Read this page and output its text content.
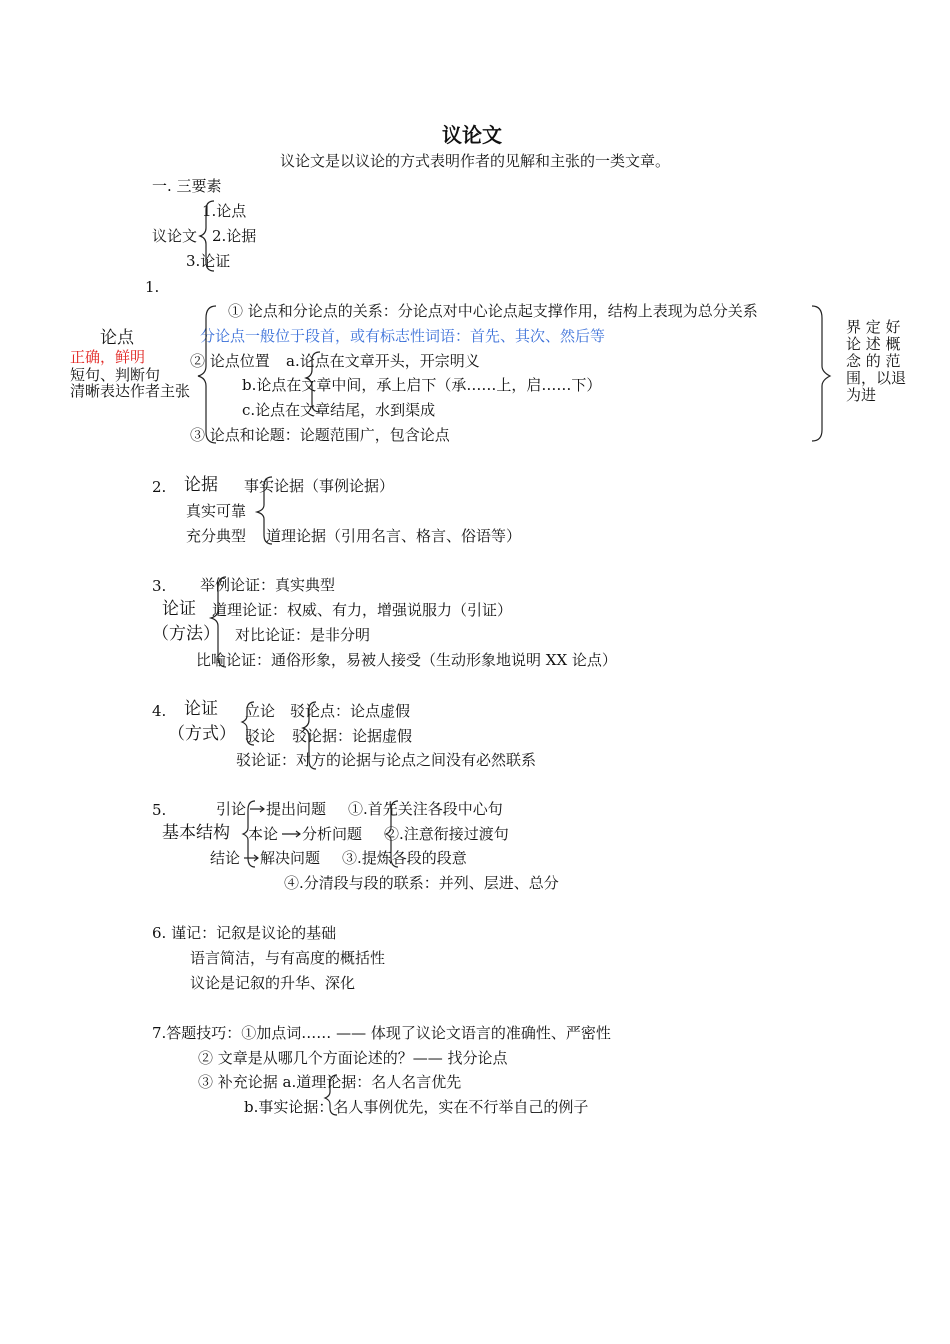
议论文
议论文是以议论的方式表明作者的见解和主张的一类文章。
一. 三要素
1.论点
议论文 2.论据
3.论证
1.
① 论点和分论点的关系：分论点对中心论点起支撑作用，结构上表现为总分关系
分论点一般位于段首，或有标志性词语：首先、其次、然后等
论点
正确，鲜明
短句、判断句
清晰表达作者主张
② 论点位置 a.论点在文章开头，开宗明义
b.论点在文章中间，承上启下（承……上，启……下）
c.论点在文章结尾，水到渠成
③ 论点和论题：论题范围广，包含论点
界 定 好
论 述 概
念 的 范
围，以退
为进
2. 论据 事实论据（事例论据）
真实可靠
充分典型 道理论据（引用名言、格言、俗语等）
3. 举例论证：真实典型
论证 道理论证：权威、有力，增强说服力（引证）
（方法） 对比论证：是非分明
比喻论证：通俗形象，易被人接受（生动形象地说明 XX 论点）
4. 论证 立论 驳论点：论点虚假
（方式） 驳论 驳论据：论据虚假
驳论证：对方的论据与论点之间没有必然联系
5.	引论 提出问题 ①.首先关注各段中心句
基本结构 本论 分析问题 ②.注意衔接过渡句
结论 解决问题 ③.提炼各段的段意
④.分清段与段的联系：并列、层进、总分
6. 谨记：记叙是议论的基础
语言简洁，与有高度的概括性
议论是记叙的升华、深化
7.答题技巧：①加点词…… —— 体现了议论文语言的准确性、严密性
② 文章是从哪几个方面论述的？—— 找分论点
③ 补充论据 a.道理论据：名人名言优先
b.事实论据：名人事例优先，实在不行举自己的例子
